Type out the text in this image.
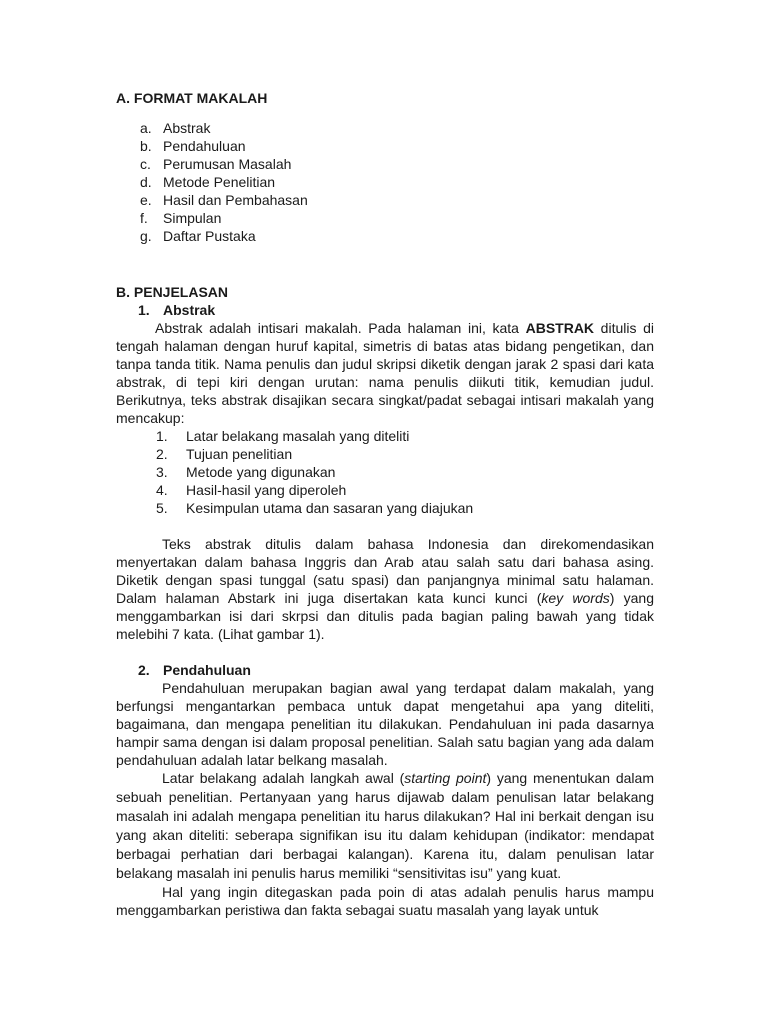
A. FORMAT MAKALAH
a. Abstrak
b. Pendahuluan
c. Perumusan Masalah
d. Metode Penelitian
e. Hasil dan Pembahasan
f.	Simpulan
g. Daftar Pustaka
B. PENJELASAN
1. Abstrak

Abstrak adalah intisari makalah. Pada halaman ini, kata ABSTRAK ditulis di tengah halaman dengan huruf kapital, simetris di batas atas bidang pengetikan, dan tanpa tanda titik. Nama penulis dan judul skripsi diketik dengan jarak 2 spasi dari kata abstrak, di tepi kiri dengan urutan: nama penulis diikuti titik, kemudian judul. Berikutnya, teks abstrak disajikan secara singkat/padat sebagai intisari makalah yang mencakup:

1.	Latar belakang masalah yang diteliti
2.	Tujuan penelitian
3.	Metode yang digunakan
4.	Hasil-hasil yang diperoleh
5.	Kesimpulan utama dan sasaran yang diajukan

Teks abstrak ditulis dalam bahasa Indonesia dan direkomendasikan menyertakan dalam bahasa Inggris dan Arab atau salah satu dari bahasa asing. Diketik dengan spasi tunggal (satu spasi) dan panjangnya minimal satu halaman. Dalam halaman Abstark ini juga disertakan kata kunci kunci (key words) yang menggambarkan isi dari skrpsi dan ditulis pada bagian paling bawah yang tidak melebihi 7 kata. (Lihat gambar 1).

2. Pendahuluan

Pendahuluan merupakan bagian awal yang terdapat dalam makalah, yang berfungsi mengantarkan pembaca untuk dapat mengetahui apa yang diteliti, bagaimana, dan mengapa penelitian itu dilakukan. Pendahuluan ini pada dasarnya hampir sama dengan isi dalam proposal penelitian. Salah satu bagian yang ada dalam pendahuluan adalah latar belkang masalah.

Latar belakang adalah langkah awal (starting point) yang menentukan dalam sebuah penelitian. Pertanyaan yang harus dijawab dalam penulisan latar belakang masalah ini adalah mengapa penelitian itu harus dilakukan? Hal ini berkait dengan isu yang akan diteliti: seberapa signifikan isu itu dalam kehidupan (indikator: mendapat berbagai perhatian dari berbagai kalangan). Karena itu, dalam penulisan latar belakang masalah ini penulis harus memiliki “sensitivitas isu” yang kuat.

Hal yang ingin ditegaskan pada poin di atas adalah penulis harus mampu menggambarkan peristiwa dan fakta sebagai suatu masalah yang layak untuk
